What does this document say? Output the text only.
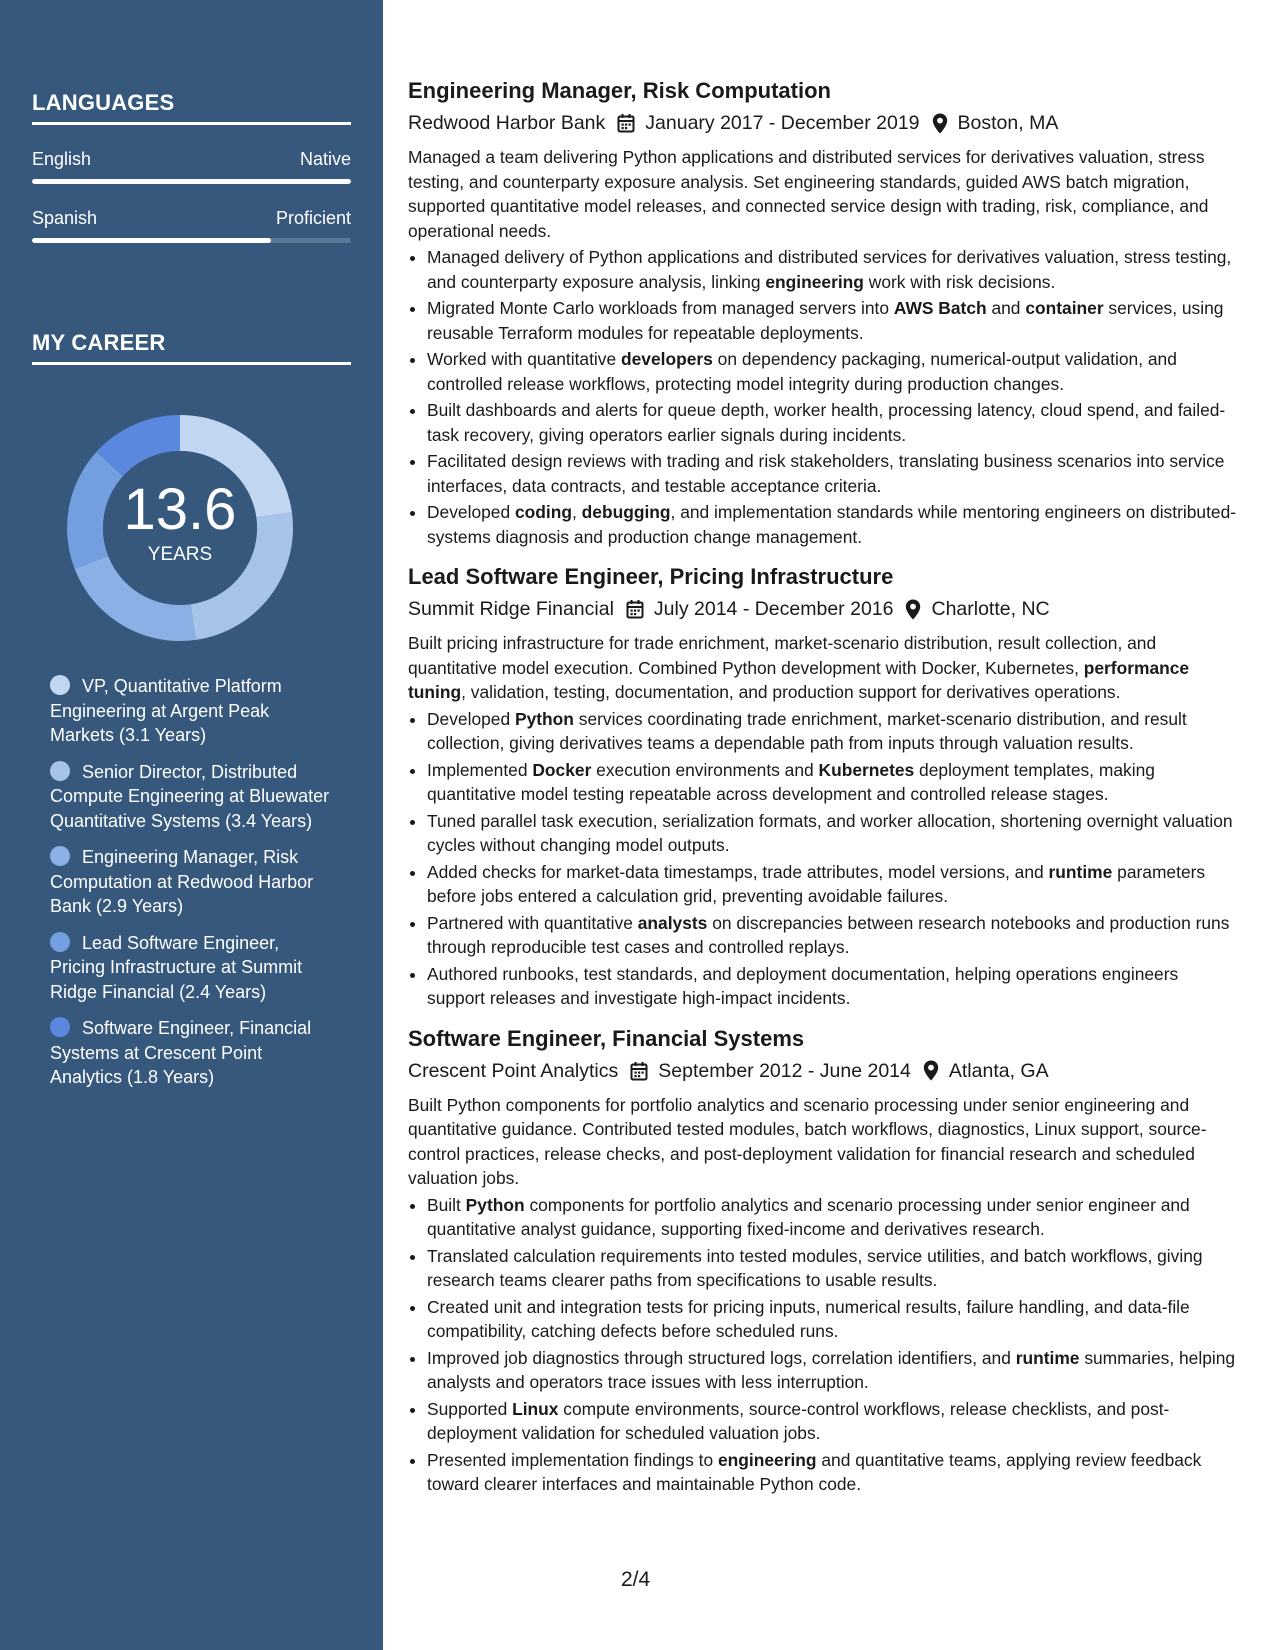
LANGUAGES
English	Native
Spanish	Proficient
MY CAREER
13.6
YEARS
VP, Quantitative Platform Engineering at Argent Peak Markets (3.1 Years)
Senior Director, Distributed Compute Engineering at Bluewater Quantitative Systems (3.4 Years)
Engineering Manager, Risk Computation at Redwood Harbor Bank (2.9 Years)
Lead Software Engineer, Pricing Infrastructure at Summit Ridge Financial (2.4 Years)
Software Engineer, Financial Systems at Crescent Point Analytics (1.8 Years)
Engineering Manager, Risk Computation
Redwood Harbor Bank January 2017 - December 2019 Boston, MA
Managed a team delivering Python applications and distributed services for derivatives valuation, stress testing, and counterparty exposure analysis. Set engineering standards, guided AWS batch migration, supported quantitative model releases, and connected service design with trading, risk, compliance, and operational needs.
• Managed delivery of Python applications and distributed services for derivatives valuation, stress testing, and counterparty exposure analysis, linking engineering work with risk decisions.
• Migrated Monte Carlo workloads from managed servers into AWS Batch and container services, using reusable Terraform modules for repeatable deployments.
• Worked with quantitative developers on dependency packaging, numerical-output validation, and controlled release workflows, protecting model integrity during production changes.
• Built dashboards and alerts for queue depth, worker health, processing latency, cloud spend, and failed-task recovery, giving operators earlier signals during incidents.
• Facilitated design reviews with trading and risk stakeholders, translating business scenarios into service interfaces, data contracts, and testable acceptance criteria.
• Developed coding, debugging, and implementation standards while mentoring engineers on distributed-systems diagnosis and production change management.
Lead Software Engineer, Pricing Infrastructure
Summit Ridge Financial July 2014 - December 2016 Charlotte, NC
Built pricing infrastructure for trade enrichment, market-scenario distribution, result collection, and quantitative model execution. Combined Python development with Docker, Kubernetes, performance tuning, validation, testing, documentation, and production support for derivatives operations.
• Developed Python services coordinating trade enrichment, market-scenario distribution, and result collection, giving derivatives teams a dependable path from inputs through valuation results.
• Implemented Docker execution environments and Kubernetes deployment templates, making quantitative model testing repeatable across development and controlled release stages.
• Tuned parallel task execution, serialization formats, and worker allocation, shortening overnight valuation cycles without changing model outputs.
• Added checks for market-data timestamps, trade attributes, model versions, and runtime parameters before jobs entered a calculation grid, preventing avoidable failures.
• Partnered with quantitative analysts on discrepancies between research notebooks and production runs through reproducible test cases and controlled replays.
• Authored runbooks, test standards, and deployment documentation, helping operations engineers support releases and investigate high-impact incidents.
Software Engineer, Financial Systems
Crescent Point Analytics September 2012 - June 2014 Atlanta, GA
Built Python components for portfolio analytics and scenario processing under senior engineering and quantitative guidance. Contributed tested modules, batch workflows, diagnostics, Linux support, source-control practices, release checks, and post-deployment validation for financial research and scheduled valuation jobs.
• Built Python components for portfolio analytics and scenario processing under senior engineer and quantitative analyst guidance, supporting fixed-income and derivatives research.
• Translated calculation requirements into tested modules, service utilities, and batch workflows, giving research teams clearer paths from specifications to usable results.
• Created unit and integration tests for pricing inputs, numerical results, failure handling, and data-file compatibility, catching defects before scheduled runs.
• Improved job diagnostics through structured logs, correlation identifiers, and runtime summaries, helping analysts and operators trace issues with less interruption.
• Supported Linux compute environments, source-control workflows, release checklists, and post-deployment validation for scheduled valuation jobs.
• Presented implementation findings to engineering and quantitative teams, applying review feedback toward clearer interfaces and maintainable Python code.
2/4
